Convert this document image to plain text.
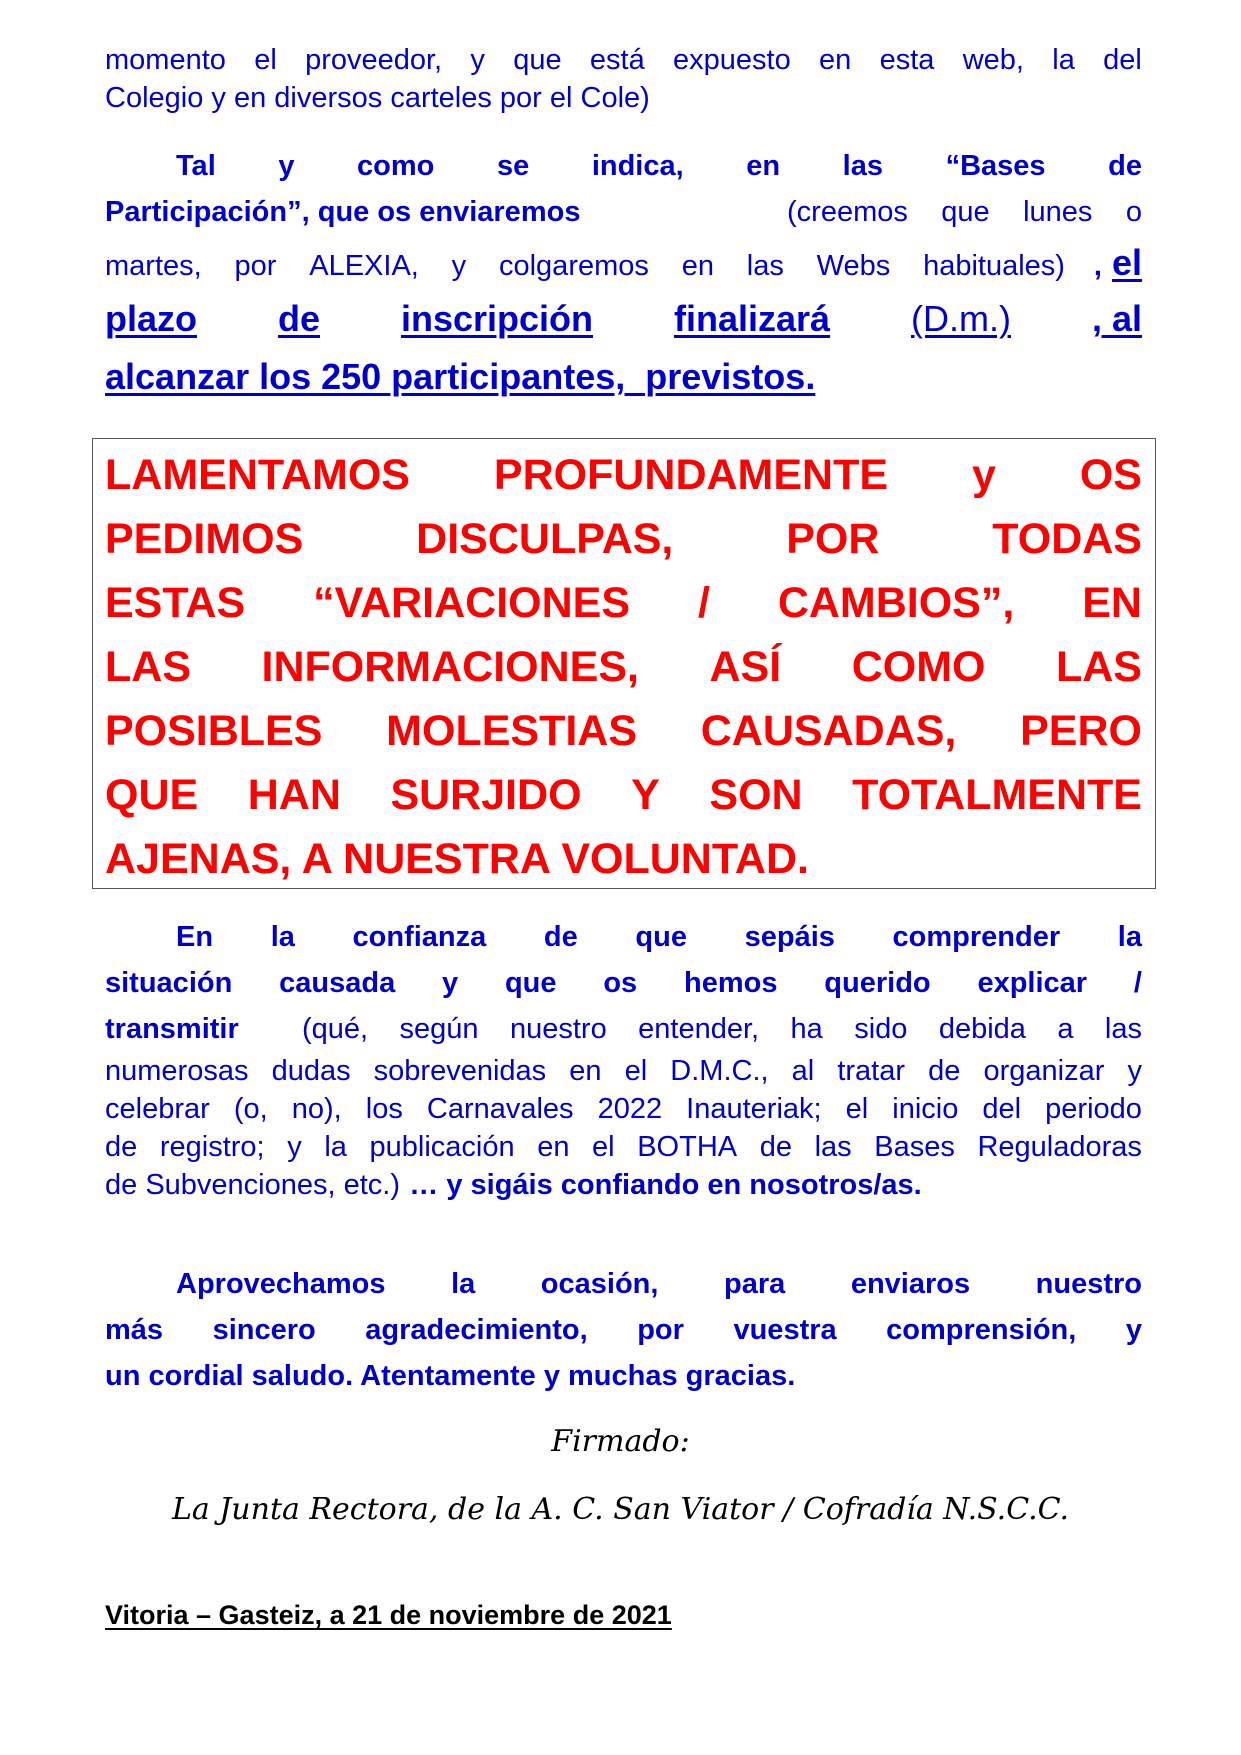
momento el proveedor, y que está expuesto en esta web, la del
Colegio y en diversos carteles por el Cole)
Tal y como se indica, en las “Bases de
Participación”, que os enviaremos	(creemos que lunes o
martes, por ALEXIA, y colgaremos en las Webs habituales) , el
plazo de inscripción finalizará (D.m.) , al
alcanzar los 250 participantes,  previstos.
LAMENTAMOS PROFUNDAMENTE y OS
PEDIMOS	DISCULPAS,	POR	TODAS
ESTAS “VARIACIONES / CAMBIOS”, EN
LAS INFORMACIONES, ASÍ COMO LAS
POSIBLES MOLESTIAS CAUSADAS, PERO
QUE HAN SURJIDO Y SON TOTALMENTE
AJENAS, A NUESTRA VOLUNTAD.
En la confianza de que sepáis comprender la
situación causada y que os hemos querido explicar /
transmitir (qué, según nuestro entender, ha sido debida a las
numerosas dudas sobrevenidas en el D.M.C., al tratar de organizar y
celebrar (o, no), los Carnavales 2022 Inauteriak; el inicio del periodo
de registro; y la publicación en el BOTHA de las Bases Reguladoras
de Subvenciones, etc.) … y sigáis confiando en nosotros/as.
Aprovechamos la ocasión, para enviaros nuestro
más sincero agradecimiento, por vuestra comprensión, y
un cordial saludo. Atentamente y muchas gracias.
Firmado:
La Junta Rectora, de la A. C. San Viator / Cofradía N.S.C.C.
Vitoria – Gasteiz, a 21 de noviembre de 2021
